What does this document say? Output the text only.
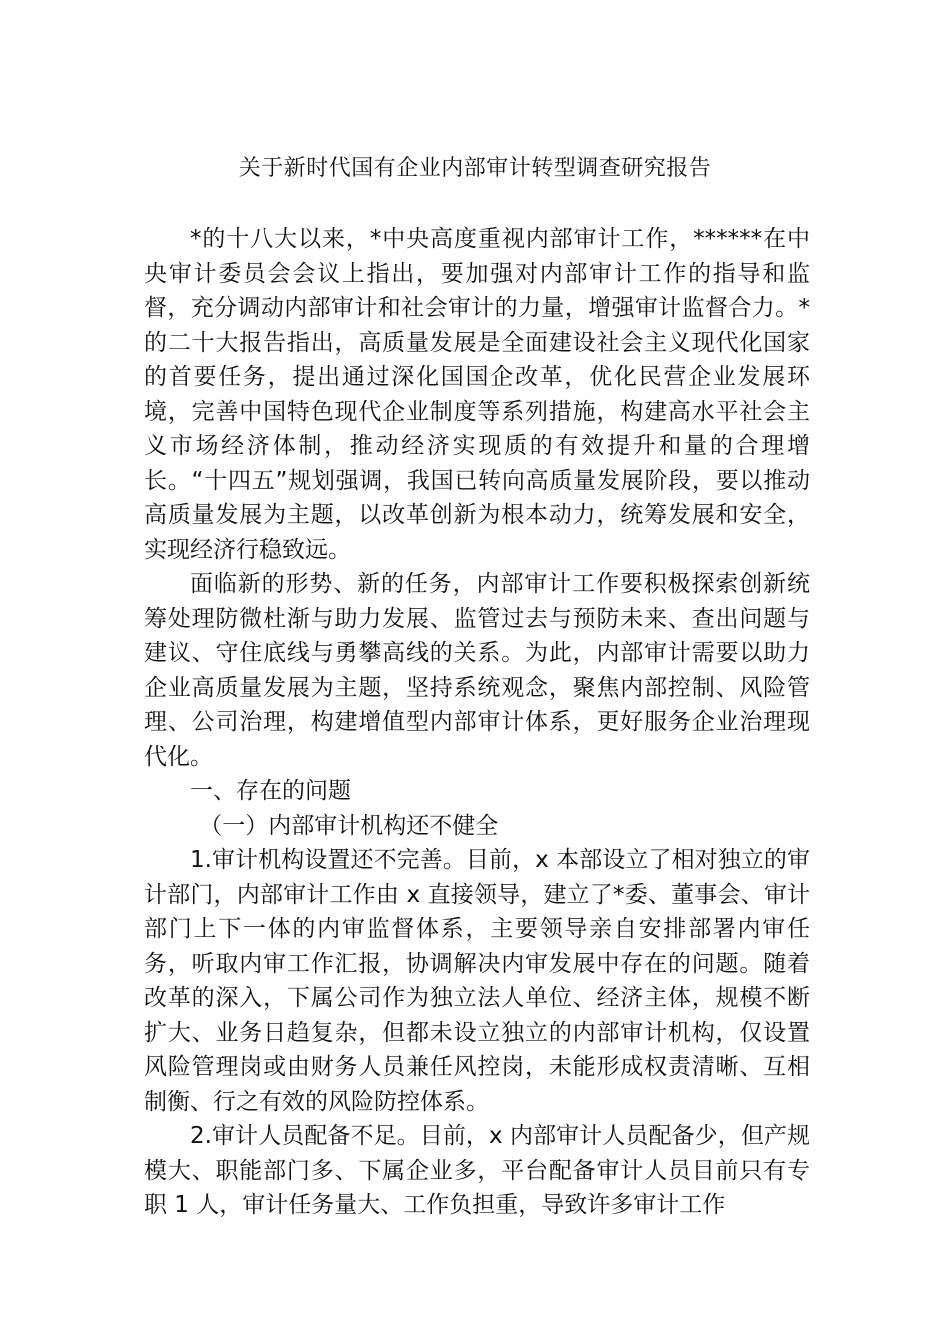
关于新时代国有企业内部审计转型调查研究报告

*的十八大以来，*中央高度重视内部审计工作，******在中央审计委员会会议上指出，要加强对内部审计工作的指导和监督，充分调动内部审计和社会审计的力量，增强审计监督合力。*的二十大报告指出，高质量发展是全面建设社会主义现代化国家的首要任务，提出通过深化国国企改革，优化民营企业发展环境，完善中国特色现代企业制度等系列措施，构建高水平社会主义市场经济体制，推动经济实现质的有效提升和量的合理增长。“十四五”规划强调，我国已转向高质量发展阶段，要以推动高质量发展为主题，以改革创新为根本动力，统筹发展和安全，实现经济行稳致远。

面临新的形势、新的任务，内部审计工作要积极探索创新统筹处理防微杜渐与助力发展、监管过去与预防未来、查出问题与建议、守住底线与勇攀高线的关系。为此，内部审计需要以助力企业高质量发展为主题，坚持系统观念，聚焦内部控制、风险管理、公司治理，构建增值型内部审计体系，更好服务企业治理现代化。

一、存在的问题

（一）内部审计机构还不健全

1.审计机构设置还不完善。目前，x 本部设立了相对独立的审计部门，内部审计工作由 x 直接领导，建立了*委、董事会、审计部门上下一体的内审监督体系，主要领导亲自安排部署内审任务，听取内审工作汇报，协调解决内审发展中存在的问题。随着改革的深入，下属公司作为独立法人单位、经济主体，规模不断扩大、业务日趋复杂，但都未设立独立的内部审计机构，仅设置风险管理岗或由财务人员兼任风控岗，未能形成权责清晰、互相制衡、行之有效的风险防控体系。

2.审计人员配备不足。目前，x 内部审计人员配备少，但产规模大、职能部门多、下属企业多，平台配备审计人员目前只有专职 1 人，审计任务量大、工作负担重，导致许多审计工作
